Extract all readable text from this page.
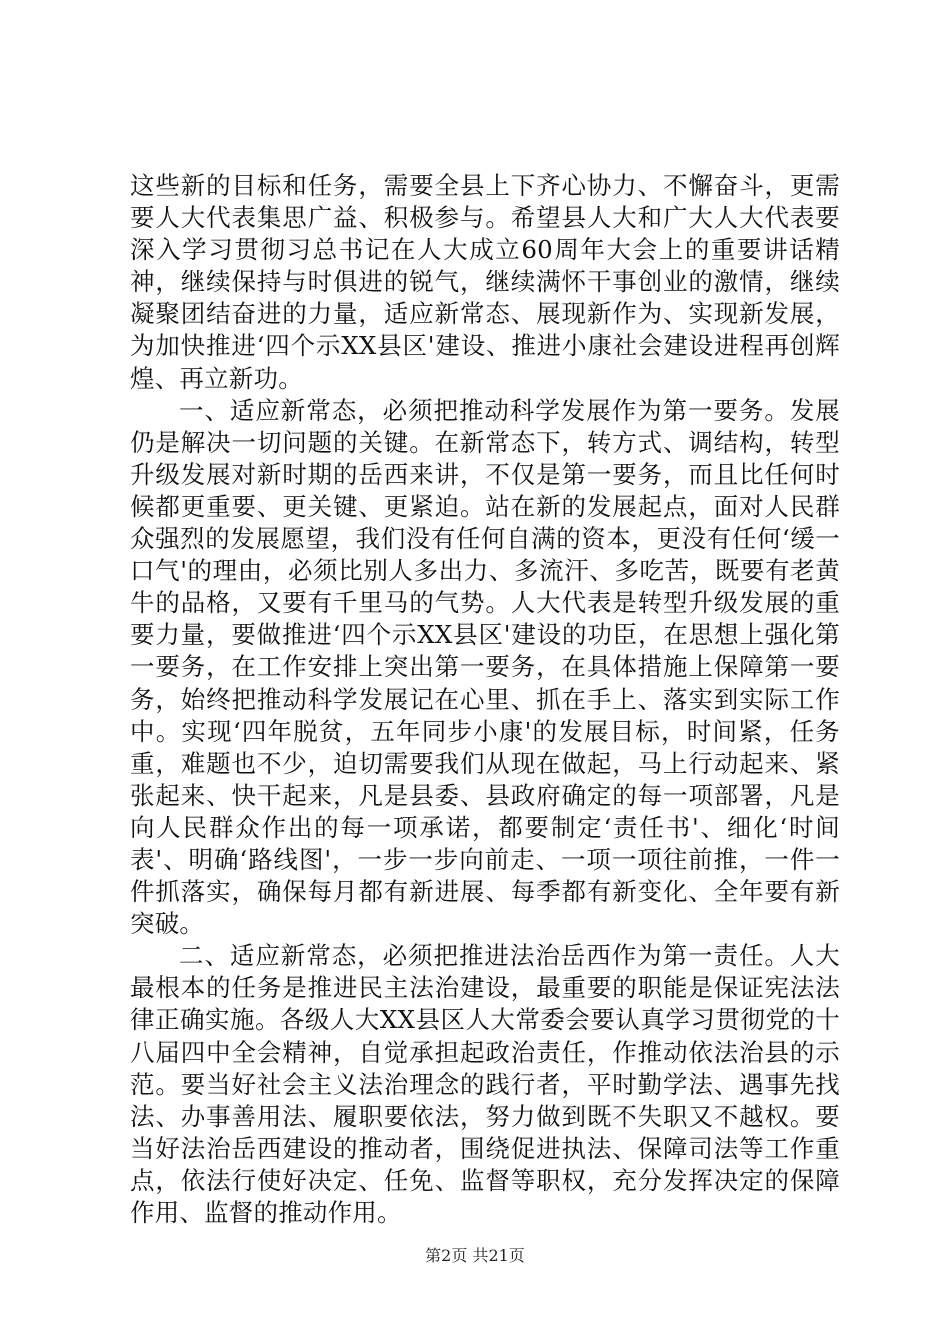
这些新的目标和任务，需要全县上下齐心协力、不懈奋斗，更需要人大代表集思广益、积极参与。希望县人大和广大人大代表要深入学习贯彻习总书记在人大成立60周年大会上的重要讲话精神，继续保持与时俱进的锐气，继续满怀干事创业的激情，继续凝聚团结奋进的力量，适应新常态、展现新作为、实现新发展，为加快推进‘四个示XX县区'建设、推进小康社会建设进程再创辉煌、再立新功。

一、适应新常态，必须把推动科学发展作为第一要务。发展仍是解决一切问题的关键。在新常态下，转方式、调结构，转型升级发展对新时期的岳西来讲，不仅是第一要务，而且比任何时候都更重要、更关键、更紧迫。站在新的发展起点，面对人民群众强烈的发展愿望，我们没有任何自满的资本，更没有任何‘缓一口气'的理由，必须比别人多出力、多流汗、多吃苦，既要有老黄牛的品格，又要有千里马的气势。人大代表是转型升级发展的重要力量，要做推进‘四个示XX县区'建设的功臣，在思想上强化第一要务，在工作安排上突出第一要务，在具体措施上保障第一要务，始终把推动科学发展记在心里、抓在手上、落实到实际工作中。实现‘四年脱贫，五年同步小康'的发展目标，时间紧，任务重，难题也不少，迫切需要我们从现在做起，马上行动起来、紧张起来、快干起来，凡是县委、县政府确定的每一项部署，凡是向人民群众作出的每一项承诺，都要制定‘责任书'、细化‘时间表'、明确‘路线图'，一步一步向前走、一项一项往前推，一件一件抓落实，确保每月都有新进展、每季都有新变化、全年要有新突破。

二、适应新常态，必须把推进法治岳西作为第一责任。人大最根本的任务是推进民主法治建设，最重要的职能是保证宪法法律正确实施。各级人大XX县区人大常委会要认真学习贯彻党的十八届四中全会精神，自觉承担起政治责任，作推动依法治县的示范。要当好社会主义法治理念的践行者，平时勤学法、遇事先找法、办事善用法、履职要依法，努力做到既不失职又不越权。要当好法治岳西建设的推动者，围绕促进执法、保障司法等工作重点，依法行使好决定、任免、监督等职权，充分发挥决定的保障作用、监督的推动作用。

第2页 共21页
